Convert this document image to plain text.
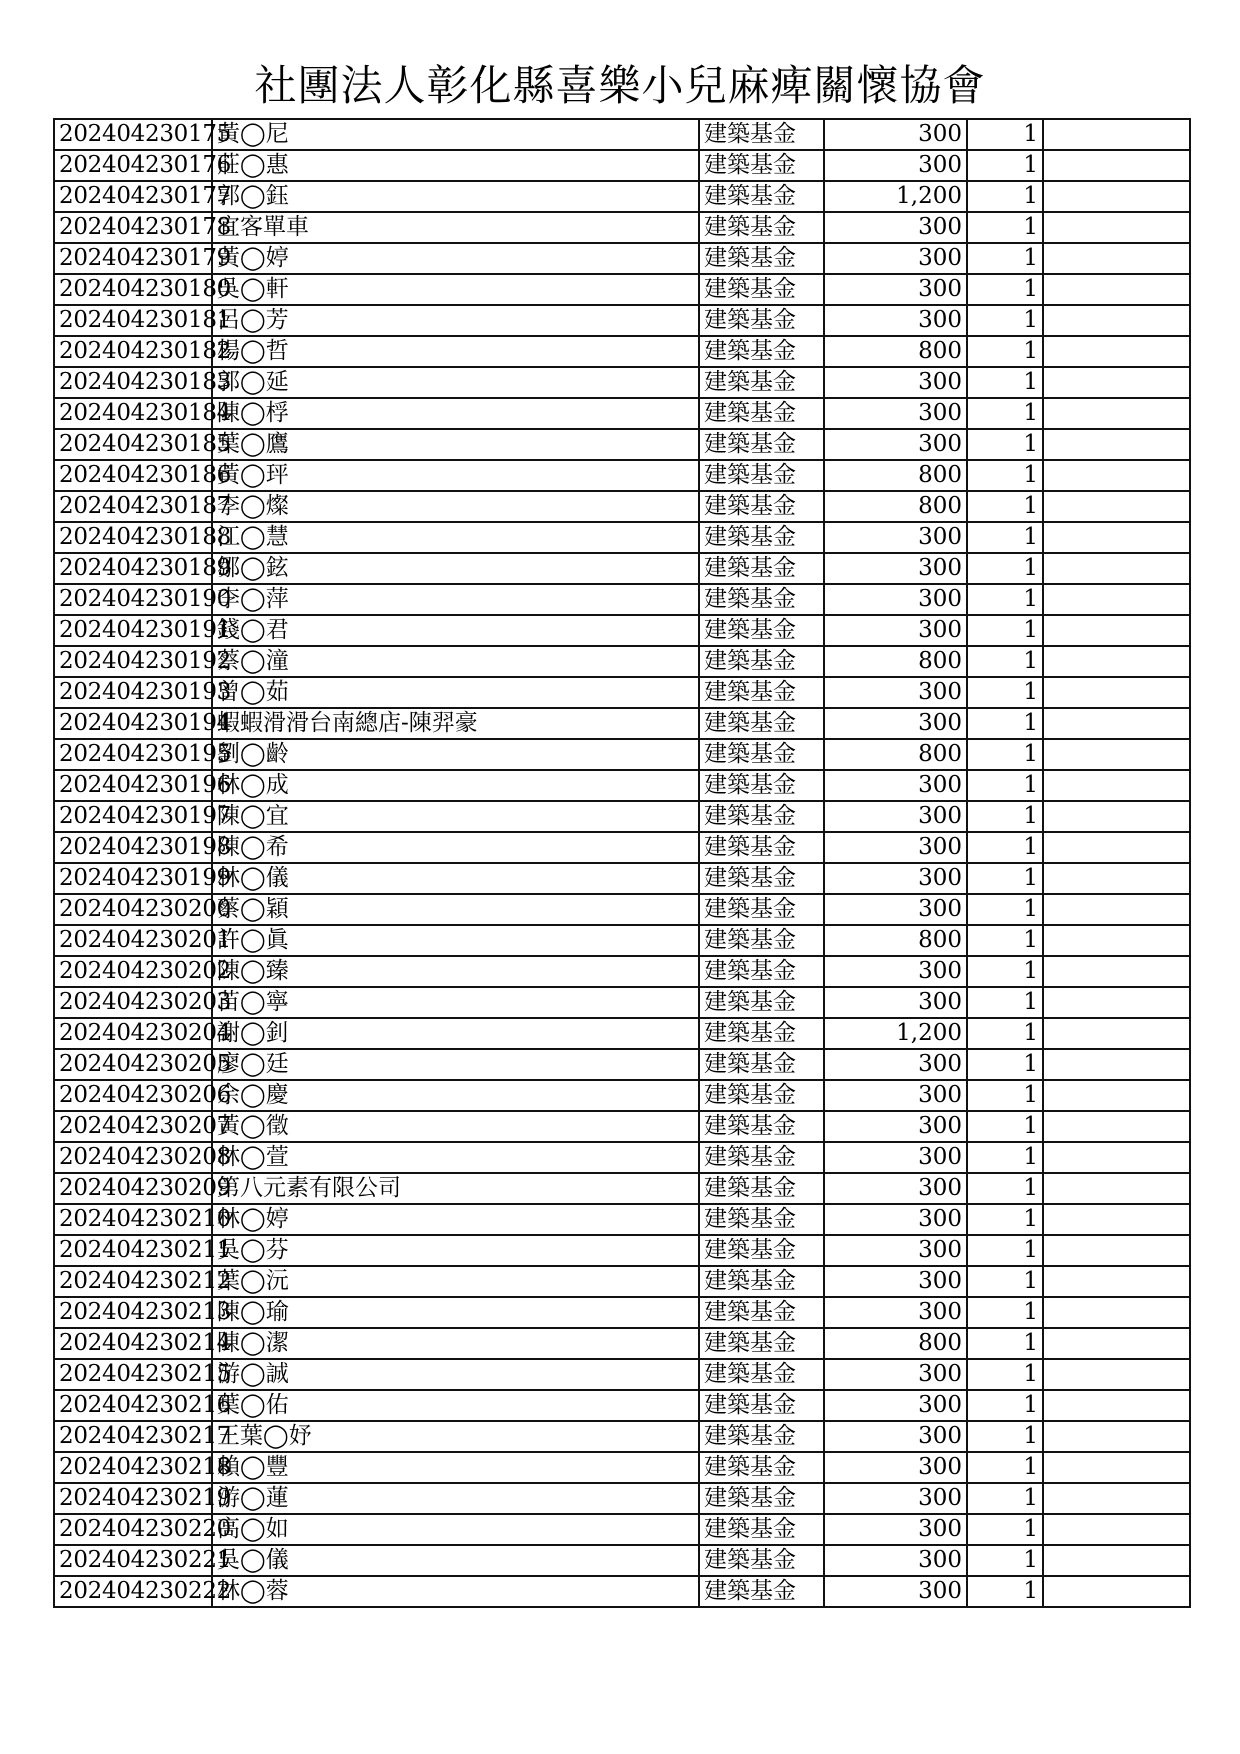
社團法人彰化縣喜樂小兒麻痺關懷協會
202404230175	黃◯尼	建築基金	300	1	
202404230176	莊◯惠	建築基金	300	1	
202404230177	郭◯鈺	建築基金	1,200	1	
202404230178	宜客單車	建築基金	300	1	
202404230179	黃◯婷	建築基金	300	1	
202404230180	吳◯軒	建築基金	300	1	
202404230181	呂◯芳	建築基金	300	1	
202404230182	楊◯哲	建築基金	800	1	
202404230183	郭◯延	建築基金	300	1	
202404230184	陳◯桴	建築基金	300	1	
202404230185	葉◯鷹	建築基金	300	1	
202404230186	黃◯玶	建築基金	800	1	
202404230187	李◯燦	建築基金	800	1	
202404230188	江◯慧	建築基金	300	1	
202404230189	鄒◯鉉	建築基金	300	1	
202404230190	李◯萍	建築基金	300	1	
202404230191	錢◯君	建築基金	300	1	
202404230192	蔡◯潼	建築基金	800	1	
202404230193	曾◯茹	建築基金	300	1	
202404230194	蝦蝦滑滑台南總店-陳羿豪	建築基金	300	1	
202404230195	劉◯齡	建築基金	800	1	
202404230196	林◯成	建築基金	300	1	
202404230197	陳◯宜	建築基金	300	1	
202404230198	陳◯希	建築基金	300	1	
202404230199	林◯儀	建築基金	300	1	
202404230200	蔡◯穎	建築基金	300	1	
202404230201	許◯眞	建築基金	800	1	
202404230202	陳◯臻	建築基金	300	1	
202404230203	苗◯寧	建築基金	300	1	
202404230204	謝◯釗	建築基金	1,200	1	
202404230205	廖◯廷	建築基金	300	1	
202404230206	余◯慶	建築基金	300	1	
202404230207	黃◯徵	建築基金	300	1	
202404230208	林◯萱	建築基金	300	1	
202404230209	第八元素有限公司	建築基金	300	1	
202404230210	林◯婷	建築基金	300	1	
202404230211	吳◯芬	建築基金	300	1	
202404230212	葉◯沅	建築基金	300	1	
202404230213	陳◯瑜	建築基金	300	1	
202404230214	陳◯潔	建築基金	800	1	
202404230215	游◯誠	建築基金	300	1	
202404230216	葉◯佑	建築基金	300	1	
202404230217	王葉◯妤	建築基金	300	1	
202404230218	賴◯豐	建築基金	300	1	
202404230219	游◯蓮	建築基金	300	1	
202404230220	高◯如	建築基金	300	1	
202404230221	吳◯儀	建築基金	300	1	
202404230222	林◯蓉	建築基金	300	1	
